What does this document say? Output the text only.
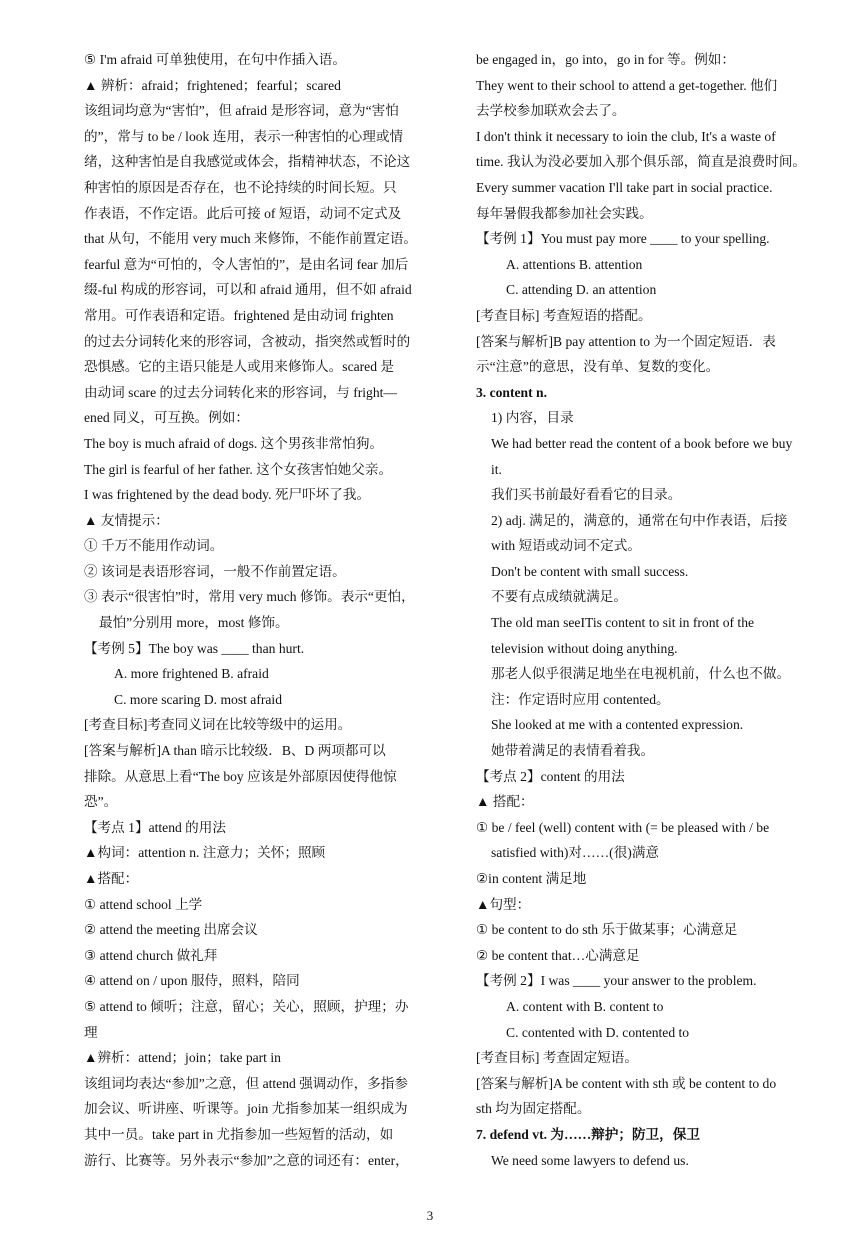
⑤ I'm afraid 可单独使用，在句中作插入语。
▲ 辨析：afraid；frightened；fearful；scared
该组词均意为“害怕”，但 afraid 是形容词，意为“害怕
的”，常与 to be / look 连用，表示一种害怕的心理或情
绪，这种害怕是自我感觉或体会，指精神状态，不论这
种害怕的原因是否存在，也不论持续的时间长短。只
作表语，不作定语。此后可接 of 短语，动词不定式及
that 从句，不能用 very much 来修饰，不能作前置定语。
fearful 意为“可怕的，令人害怕的”，是由名词 fear 加后
缀-ful 构成的形容词，可以和 afraid 通用，但不如 afraid
常用。可作表语和定语。frightened 是由动词 frighten
的过去分词转化来的形容词，含被动，指突然或暂时的
恐惧感。它的主语只能是人或用来修饰人。scared 是
由动词 scare 的过去分词转化来的形容词，与 fright—
ened 同义，可互换。例如：
The boy is much afraid of dogs. 这个男孩非常怕狗。
The girl is fearful of her father. 这个女孩害怕她父亲。
I was frightened by the dead body. 死尸吓坏了我。
▲ 友情提示：
① 千万不能用作动词。
② 该词是表语形容词，一般不作前置定语。
③ 表示“很害怕”时，常用 very much 修饰。表示“更怕，
最怕”分别用 more，most 修饰。
【考例 5】The boy was ____ than hurt.
A. more frightened B. afraid
C. more scaring D. most afraid
[考查目标]考查同义词在比较等级中的运用。
[答案与解析]A than 暗示比较级．B、D 两项都可以
排除。从意思上看“The boy 应该是外部原因使得他惊
恐”。
【考点 1】attend 的用法
▲构词：attention n. 注意力；关怀；照顾
▲搭配：
① attend school 上学
② attend the meeting 出席会议
③ attend church 做礼拜
④ attend on / upon 服侍，照料，陪同
⑤ attend to 倾听；注意，留心；关心，照顾，护理；办
理
▲辨析：attend；join；take part in
该组词均表达“参加”之意，但 attend 强调动作，多指参
加会议、听讲座、听课等。join 尤指参加某一组织成为
其中一员。take part in 尤指参加一些短暂的活动，如
游行、比赛等。另外表示“参加”之意的词还有：enter，
be engaged in，go into，go in for 等。例如：
They went to their school to attend a get-together. 他们
去学校参加联欢会去了。
I don't think it necessary to ioin the club, It's a waste of
time. 我认为没必要加入那个俱乐部，简直是浪费时间。
Every summer vacation I'll take part in social practice.
每年暑假我都参加社会实践。
【考例 1】You must pay more ____ to your spelling.
A. attentions B. attention
C. attending D. an attention
[考查目标] 考查短语的搭配。
[答案与解析]B pay attention to 为一个固定短语．表
示“注意”的意思，没有单、复数的变化。
3. content n.
1) 内容，目录
We had better read the content of a book before we buy
it.
我们买书前最好看看它的目录。
2) adj. 满足的，满意的，通常在句中作表语，后接
with 短语或动词不定式。
Don't be content with small success.
不要有点成绩就满足。
The old man seeITis content to sit in front of the
television without doing anything.
那老人似乎很满足地坐在电视机前，什么也不做。
注：作定语时应用 contented。
She looked at me with a contented expression.
她带着满足的表情看着我。
【考点 2】content 的用法
▲ 搭配：
① be / feel (well) content with (= be pleased with / be
satisfied with)对……(很)满意
②in content 满足地
▲句型：
① be content to do sth 乐于做某事；心满意足
② be content that…心满意足
【考例 2】I was ____ your answer to the problem.
A. content with B. content to
C. contented with D. contented to
[考查目标] 考查固定短语。
[答案与解析]A be content with sth 或 be content to do
sth 均为固定搭配。
7. defend vt. 为……辩护；防卫，保卫
We need some lawyers to defend us.
3
